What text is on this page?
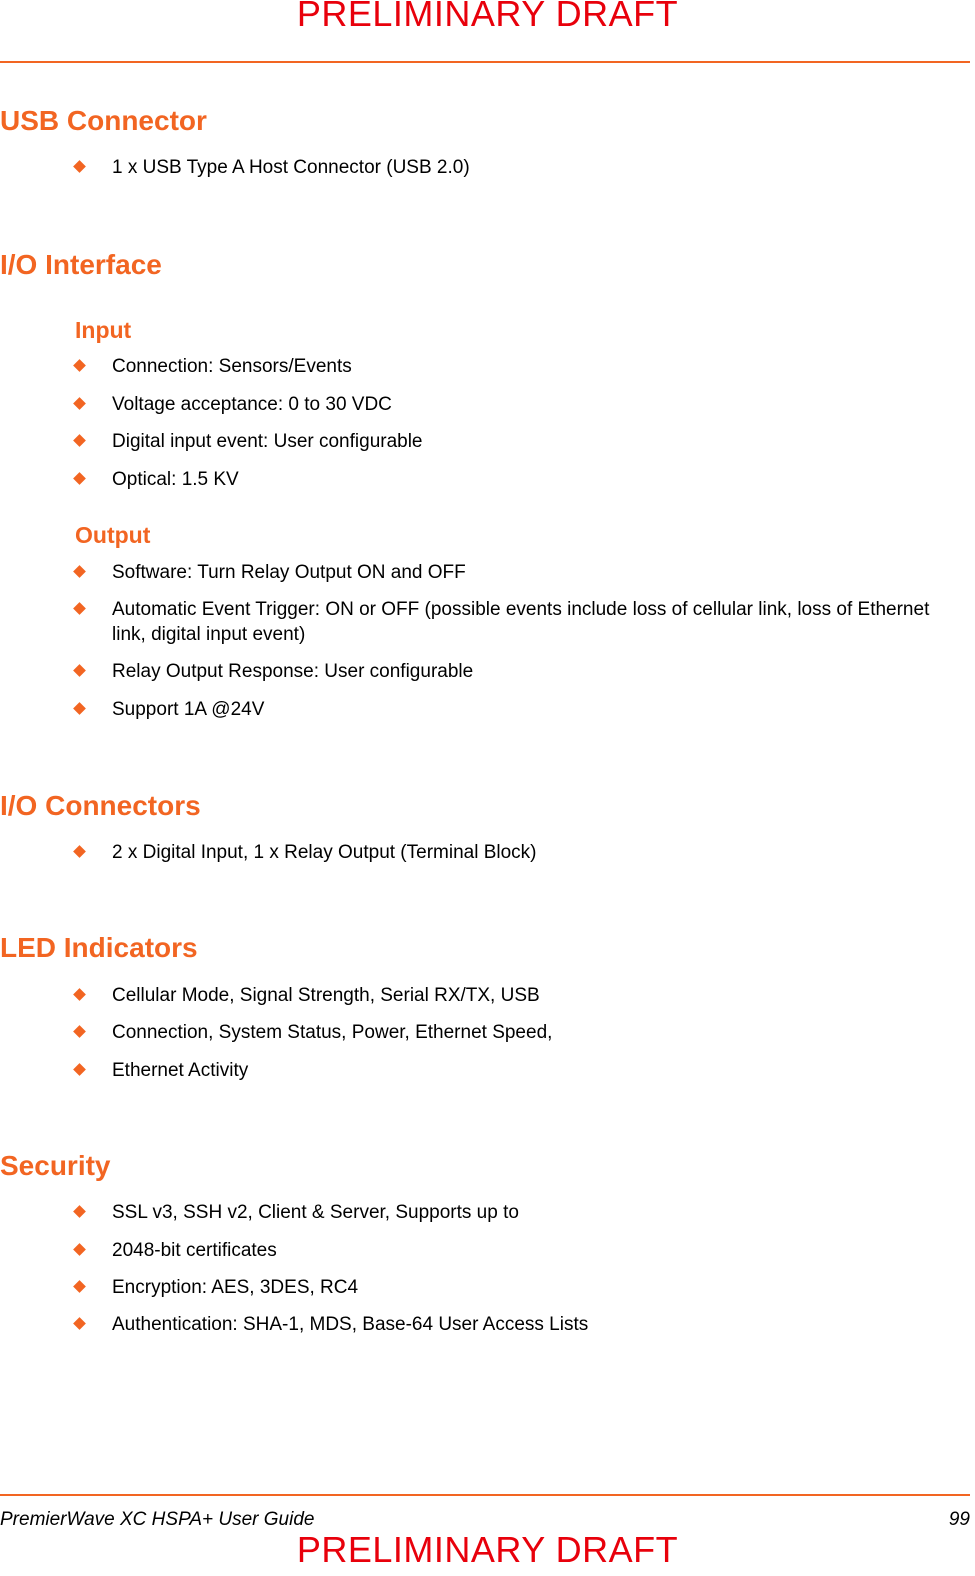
PRELIMINARY DRAFT
USB Connector
1 x USB Type A Host Connector (USB 2.0)
I/O Interface
Input
Connection: Sensors/Events
Voltage acceptance: 0 to 30 VDC
Digital input event: User configurable
Optical: 1.5 KV
Output
Software: Turn Relay Output ON and OFF
Automatic Event Trigger: ON or OFF (possible events include loss of cellular link, loss of Ethernet link, digital input event)
Relay Output Response: User configurable
Support 1A @24V
I/O Connectors
2 x Digital Input, 1 x Relay Output (Terminal Block)
LED Indicators
Cellular Mode, Signal Strength, Serial RX/TX, USB
Connection, System Status, Power, Ethernet Speed,
Ethernet Activity
Security
SSL v3, SSH v2, Client & Server, Supports up to
2048-bit certificates
Encryption: AES, 3DES, RC4
Authentication: SHA-1, MDS, Base-64 User Access Lists
PremierWave XC HSPA+ User Guide	99
PRELIMINARY DRAFT
